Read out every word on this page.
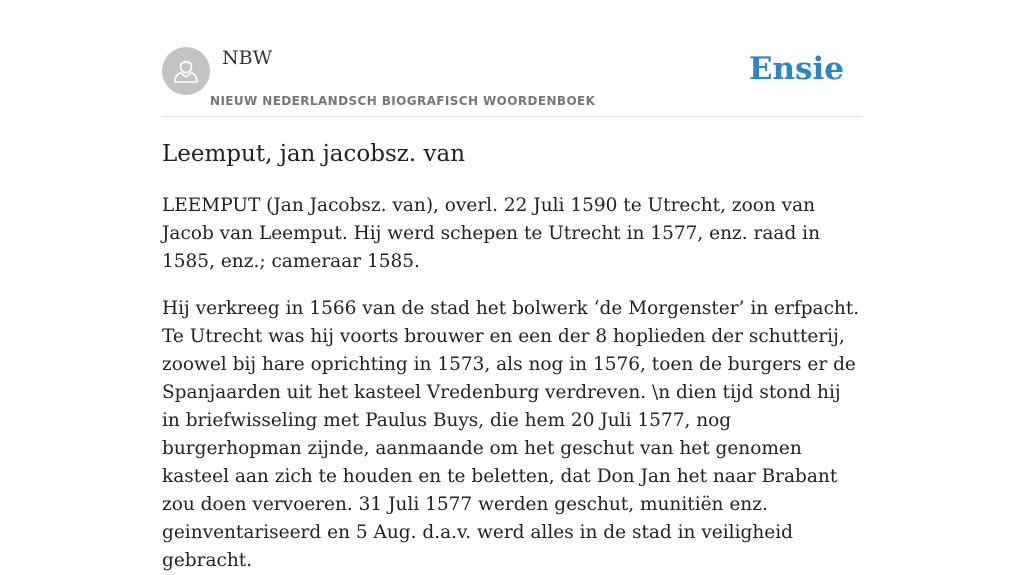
NBW
NIEUW NEDERLANDSCH BIOGRAFISCH WOORDENBOEK
Ensie
Leemput, jan jacobsz. van

LEEMPUT (Jan Jacobsz. van), overl. 22 Juli 1590 te Utrecht, zoon van Jacob van Leemput. Hij werd schepen te Utrecht in 1577, enz. raad in 1585, enz.; cameraar 1585.

Hij verkreeg in 1566 van de stad het bolwerk ‘de Morgenster’ in erfpacht. Te Utrecht was hij voorts brouwer en een der 8 hoplieden der schutterij, zoowel bij hare oprichting in 1573, als nog in 1576, toen de burgers er de Spanjaarden uit het kasteel Vredenburg verdreven. \n dien tijd stond hij in briefwisseling met Paulus Buys, die hem 20 Juli 1577, nog burgerhopman zijnde, aanmaande om het geschut van het genomen kasteel aan zich te houden en te beletten, dat Don Jan het naar Brabant zou doen vervoeren. 31 Juli 1577 werden geschut, munitiën enz. geinventariseerd en 5 Aug. d.a.v. werd alles in de stad in veiligheid gebracht.
